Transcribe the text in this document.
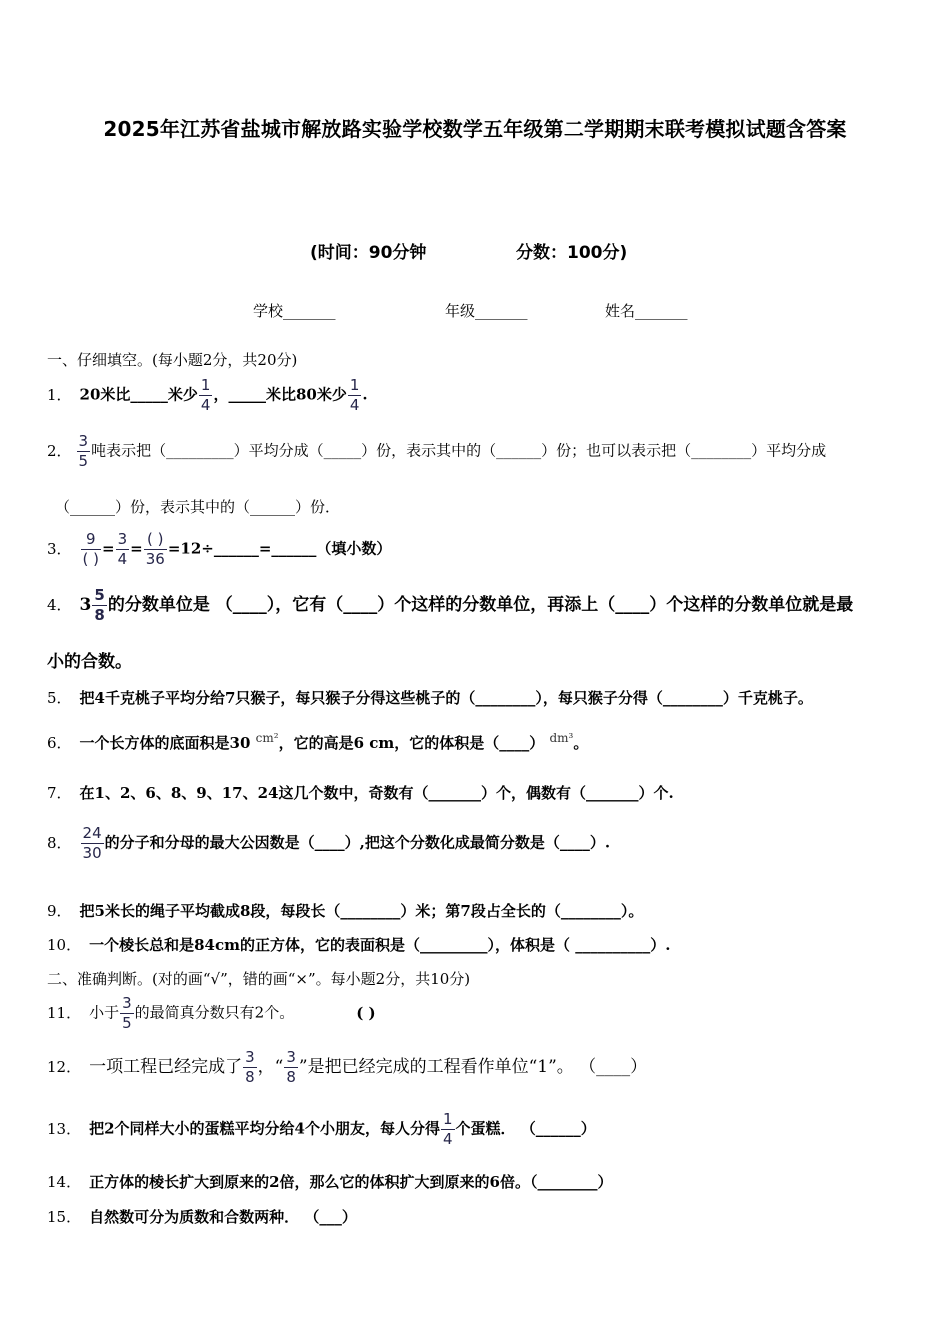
2025年江苏省盐城市解放路实验学校数学五年级第二学期期末联考模拟试题含答案
(时间：90分钟	分数：100分)
学校_______	年级_______	姓名_______
一、仔细填空。(每小题2分，共20分)
1． 20米比_____米少 $\frac{1}{4}$ ，_____米比80米少 $\frac{1}{4}$ .
2． $\frac{3}{5}$ 吨表示把（_________）平均分成（_____）份，表示其中的（______）份；也可以表示把（________）平均分成
（______）份，表示其中的（______）份．
3． $\frac{9}{( )} = \frac{3}{4} = \frac{( )}{36}$ =12÷______=______（填小数）
4． $3 \frac{5}{8}$ 的分数单位是 （____），它有（____）个这样的分数单位，再添上（____）个这样的分数单位就是最
小的合数。
5． 把4千克桃子平均分给7只猴子，每只猴子分得这些桃子的（________），每只猴子分得（________）千克桃子。
6． 一个长方体的底面积是30 $^{cm^2}$，它的高是6 cm，它的体积是（____） $^{dm^3}$。
7． 在1、2、6、8、9、17、24这几个数中，奇数有（_______）个，偶数有（_______）个.
8． $\frac{24}{30}$ 的分子和分母的最大公因数是（____）,把这个分数化成最简分数是（____）.
9． 把5米长的绳子平均截成8段，每段长（________）米；第7段占全长的（________）。
10． 一个棱长总和是84cm的正方体，它的表面积是（_________），体积是（ __________）.
二、准确判断。(对的画“√”，错的画“×”。每小题2分，共10分)
11． 小于 $\frac{3}{5}$ 的最简真分数只有2个。	( )
12． 一项工程已经完成了 $\frac{3}{8}$ ，“ $\frac{3}{8}$ ”是把已经完成的工程看作单位“1”。 （____）
13． 把2个同样大小的蛋糕平均分给4个小朋友，每人分得 $\frac{1}{4}$ 个蛋糕． （______）
14． 正方体的棱长扩大到原来的2倍，那么它的体积扩大到原来的6倍。（________）
15． 自然数可分为质数和合数两种． （___）
